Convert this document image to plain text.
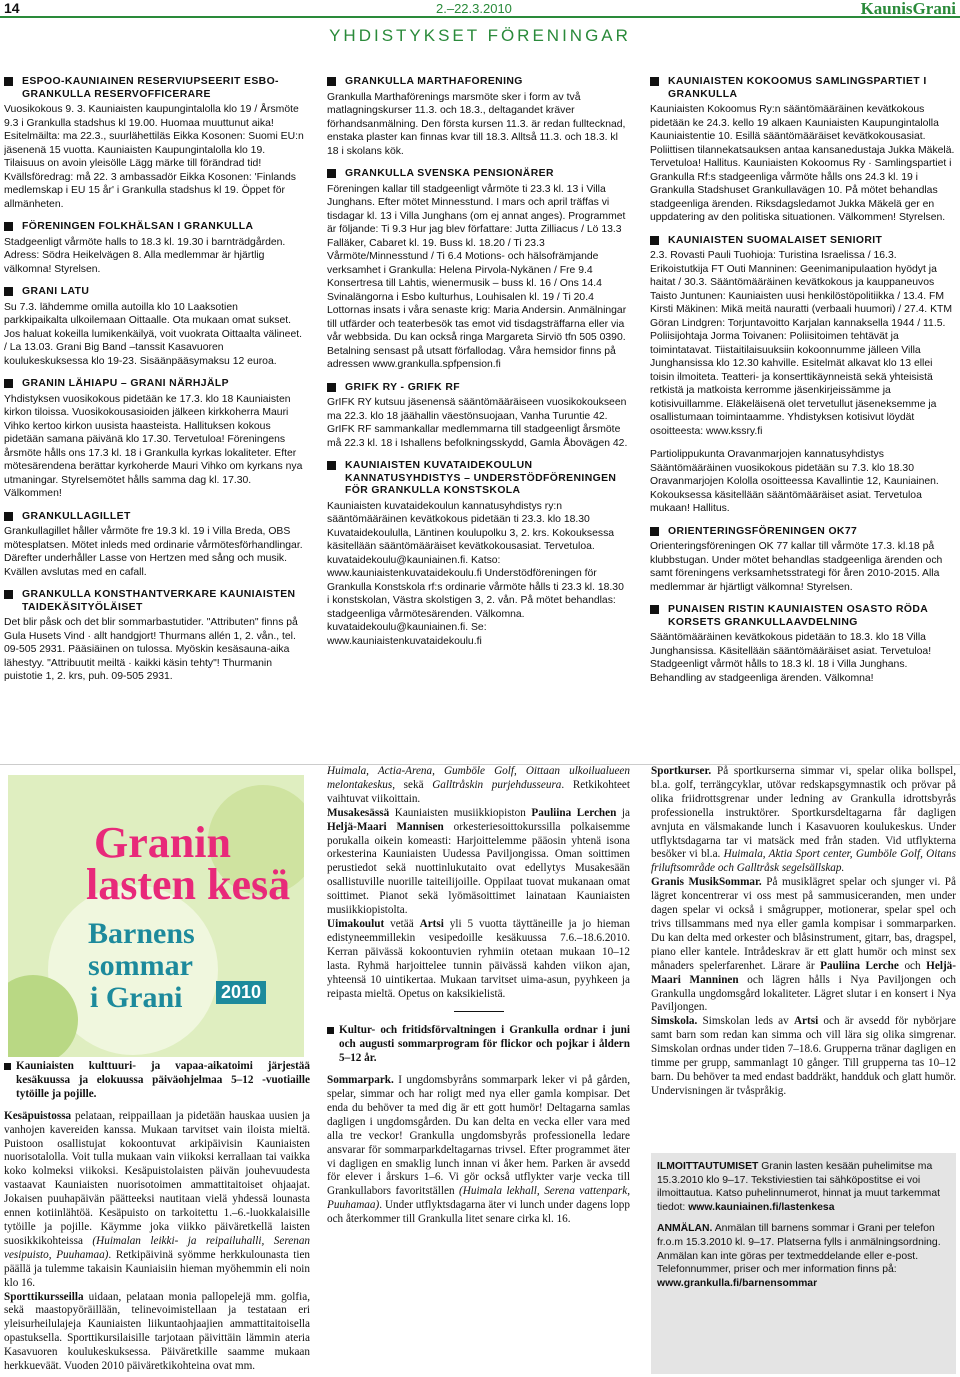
14	2.–22.3.2010	KaunisGrani
YHDISTYKSET FÖRENINGAR
ESPOO-KAUNIAINEN RESERVIUPSEERIT ESBO-GRANKULLA RESERVOFFICERARE

Vuosikokous 9. 3. Kauniaisten kaupungintalolla klo 19 / Årsmöte 9.3 i Grankulla stadshus kl 19.00. Huomaa muuttunut aika! Esitelmäilta: ma 22.3., suurlähettiläs Eikka Kosonen: Suomi EU:n jäsenenä 15 vuotta. Kauniaisten Kaupungintalolla klo 19. Tilaisuus on avoin yleisölle Lägg märke till förändrad tid! Kvällsföredrag: må 22. 3 ambassadör Eikka Kosonen: 'Finlands medlemskap i EU 15 år' i Grankulla stadshus kl 19. Öppet för allmänheten.

FÖRENINGEN FOLKHÄLSAN I GRANKULLA

Stadgeenligt vårmöte halls to 18.3 kl. 19.30 i barnträdgården. Adress: Södra Heikelvägen 8. Alla medlemmar är hjärtlig välkomna! Styrelsen.

GRANI LATU

Su 7.3. lähdemme omilla autoilla klo 10 Laaksotien parkkipaikalta ulkoilemaan Oittaalle. Ota mukaan omat sukset. Jos haluat kokeilla lumikenkäilyä, voit vuokrata Oittaalta välineet. / La 13.03. Grani Big Band –tanssit Kasavuoren koulukeskuksessa klo 19-23. Sisäänpääsymaksu 12 euroa.

GRANIN LÄHIAPU – GRANI NÄRHJÄLP

Yhdistyksen vuosikokous pidetään ke 17.3. klo 18 Kauniaisten kirkon tiloissa. Vuosikokousasioiden jälkeen kirkkoherra Mauri Vihko kertoo kirkon uusista haasteista. Hallituksen kokous pidetään samana päivänä klo 17.30. Tervetuloa! Föreningens årsmöte hålls ons 17.3 kl. 18 i Grankulla kyrkas lokaliteter. Efter mötesärendena berättar kyrkoherde Mauri Vihko om kyrkans nya utmaningar. Styrelsemötet hålls samma dag kl. 17.30. Välkommen!

GRANKULLAGILLET

Grankullagillet håller vårmöte fre 19.3 kl. 19 i Villa Breda, OBS mötesplatsen. Mötet inleds med ordinarie vårmötesförhandlingar. Därefter underhåller Lasse von Hertzen med sång och musik. Kvällen avslutas med en cafall.

GRANKULLA KONSTHANTVERKARE KAUNIAISTEN TAIDEKÄSITYÖLÄISET

Det blir påsk och det blir sommarbastutider. "Attributen" finns på Gula Husets Vind · allt handgjort! Thurmans allén 1, 2. vån., tel. 09-505 2931. Pääsiäinen on tulossa. Myöskin kesäsauna-aika lähestyy. "Attribuutit meiltä · kaikki käsin tehty"! Thurmanin puistotie 1, 2. krs, puh. 09-505 2931.

GRANKULLA MARTHAFÖRENING

Grankulla Marthaförenings marsmöte sker i form av två matlagningskurser 11.3. och 18.3., deltagandet kräver förhandsanmälning. Den första kursen 11.3. är redan fulltecknad, enstaka plaster kan finnas kvar till 18.3. Alltså 11.3. och 18.3. kl 18 i skolans kök.

GRANKULLA SVENSKA PENSIONÄRER

Föreningen kallar till stadgeenligt vårmöte ti 23.3 kl. 13 i Villa Junghans. Efter mötet Minnesstund. I mars och april träffas vi tisdagar kl. 13 i Villa Junghans (om ej annat anges). Programmet är följande: Ti 9.3 Hur jag blev författare: Jutta Zilliacus / Lö 13.3 Falläker, Cabaret kl. 19. Buss kl. 18.20 / Ti 23.3 Vårmöte/Minnesstund / Ti 6.4 Motions- och hälsofrämjande verksamhet i Grankulla: Helena Pirvola-Nykänen / Fre 9.4 Konsertresa till Lahtis, wienermusik – buss kl. 16 / Ons 14.4 Svinalängorna i Esbo kulturhus, Louhisalen kl. 19 / Ti 20.4 Lottornas insats i våra senaste krig: Maria Andersin. Anmälningar till utfärder och teaterbesök tas emot vid tisdagsträffarna eller via vår webbsida. Du kan också ringa Margareta Sirviö tfn 505 0390. Betalning sensast på utsatt förfallodag. Våra hemsidor finns på adressen www.grankulla.spfpension.fi

GRIFK RY - GRIFK RF

GrIFK RY kutsuu jäsenensä sääntömääräiseen vuosikokoukseen ma 22.3. klo 18 jäähallin väestönsuojaan, Vanha Turuntie 42. GrIFK RF sammankallar medlemmarna till stadgeenligt årsmöte må 22.3 kl. 18 i Ishallens befolkningsskydd, Gamla Åbovägen 42.

KAUNIAISTEN KUVATAIDEKOULUN KANNATUSYHDISTYS – UNDERSTÖDFÖRENINGEN FÖR GRANKULLA KONSTSKOLA

Kauniaisten kuvataidekoulun kannatusyhdistys ry:n sääntömääräinen kevätkokous pidetään ti 23.3. klo 18.30 Kuvataidekoululla, Läntinen koulupolku 3, 2. krs. Kokouksessa käsitellään sääntömääräiset kevätkokousasiat. Tervetuloa. kuvataidekoulu@kauniainen.fi. Katso: www.kauniaistenkuvataidekoulu.fi Understödföreningen för Grankulla Konstskola rf:s ordinarie vårmöte hålls ti 23.3 kl. 18.30 i konstskolan, Västra skolstigen 3, 2. vån. På mötet behandlas: stadgeenliga vårmötesärenden. Välkomna. kuvataidekoulu@kauniainen.fi. Se: www.kauniaistenkuvataidekoulu.fi

KAUNIAISTEN KOKOOMUS SAMLINGSPARTIET I GRANKULLA

Kauniaisten Kokoomus Ry:n sääntömääräinen kevätkokous pidetään ke 24.3. kello 19 alkaen Kauniaisten Kaupungintalolla Kauniaistentie 10. Esillä sääntömääräiset kevätkokousasiat. Poliittisen tilannekatsauksen antaa kansanedustaja Jukka Mäkelä. Tervetuloa! Hallitus. Kauniaisten Kokoomus Ry · Samlingspartiet i Grankulla Rf:s stadgeenliga vårmöte hålls ons 24.3 kl. 19 i Grankulla Stadshuset Grankullavägen 10. På mötet behandlas stadgeenliga ärenden. Riksdagsledamot Jukka Mäkelä ger en uppdatering av den politiska situationen. Välkommen! Styrelsen.

KAUNIAISTEN SUOMALAISET SENIORIT

2.3. Rovasti Pauli Tuohioja: Turistina Israelissa / 16.3. Erikoistutkija FT Outi Manninen: Geenimanipulaation hyödyt ja haitat / 30.3. Sääntömääräinen kevätkokous ja kauppaneuvos Taisto Juntunen: Kauniaisten uusi henkilöstöpolitiikka / 13.4. FM Kirsti Mäkinen: Mikä meitä nauratti (verbaali huumori) / 27.4. KTM Göran Lindgren: Torjuntavoitto Karjalan kannaksella 1944 / 11.5. Poliisijohtaja Jorma Toivanen: Poliisitoimen tehtävät ja toimintatavat. Tiistaitilaisuuksiin kokoonnumme jälleen Villa Junghansissa klo 12.30 kahville. Esitelmät alkavat klo 13 ellei toisin ilmoiteta. Teatteri- ja konserttikäynneistä sekä yhteisistä retkistä ja matkoista kerromme jäsenkirjeissämme ja kotisivuillamme. Eläkeläisenä olet tervetullut jäseneksemme ja osallistumaan toimintaamme. Yhdistyksen kotisivut löydät osoitteesta: www.kssry.fi

Partiolippukunta Oravanmarjojen kannatusyhdistys Sääntömääräinen vuosikokous pidetään su 7.3. klo 18.30 Oravanmarjojen Kololla osoitteessa Kavallintie 12, Kauniainen. Kokouksessa käsitellään sääntömääräiset asiat. Tervetuloa mukaan! Hallitus.

ORIENTERINGSFÖRENINGEN OK77

Orienteringsföreningen OK 77 kallar till vårmöte 17.3. kl.18 på klubbstugan. Under mötet behandlas stadgeenliga ärenden och samt föreningens verksamhetsstrategi för åren 2010-2015. Alla medlemmar är hjärtligt välkomna! Styrelsen.

PUNAISEN RISTIN KAUNIAISTEN OSASTO RÖDA KORSETS GRANKULLAAVDELNING

Sääntömääräinen kevätkokous pidetään to 18.3. klo 18 Villa Junghansissa. Käsitellään sääntömääräiset asiat. Tervetuloa! Stadgeenligt vårmöt hålls to 18.3 kl. 18 i Villa Junghans. Behandling av stadgeenliga ärenden. Välkomna!

Granin
lasten kesä
Barnens
sommar
i Grani 2010

Kauniaisten kulttuuri- ja vapaa-aikatoimi järjestää kesäkuussa ja elokuussa päiväohjelmaa 5–12 -vuotiaille tytöille ja pojille.

Kesäpuistossa pelataan, reippaillaan ja pidetään hauskaa uusien ja vanhojen kavereiden kanssa. Mukaan tarvitset vain iloista mieltä. Puistoon osallistujat kokoontuvat arkipäivisin Kauniaisten nuorisotalolla. Voit tulla mukaan vain viikoksi kerrallaan tai vaikka koko kolmeksi viikoksi. Kesäpuistolaisten päivän jouhevuudesta vastaavat Kauniaisten nuorisotoimen ammattitaitoiset ohjaajat. Jokaisen puuhapäivän päätteeksi nautitaan vielä yhdessä lounasta ennen kotiinlähtöä. Kesäpuisto on tarkoitettu 1.–6.-luokkalaisille tytöille ja pojille. Käymme joka viikko päiväretkellä laisten suosikkikohteissa (Huimalan leikki- ja reipailuhalli, Serenan vesipuisto, Puuhamaa). Retkipäivinä syömme herkkulounasta tien päällä ja tulemme takaisin Kauniaisiin hieman myöhemmin eli noin klo 16.

Sporttikursseilla uidaan, pelataan monia pallopelejä mm. golfia, sekä maastopyöräillään, telinevoimistellaan ja testataan eri yleisurheilulajeja Kauniaisten liikuntaohjaajien ammattitaitoisella opastuksella. Sporttikursilaisille tarjotaan päivittäin lämmin ateria Kasavuoren koulukeskuksessa. Päiväretkille saamme mukaan herkkueväät. Vuoden 2010 päiväretkikohteina ovat mm.

Huimala, Actia-Arena, Gumböle Golf, Oittaan ulkoilualueen melontakeskus, sekä Galltråskin purjehdusseura. Retkikohteet vaihtuvat viikoittain.

Musakesässä Kauniaisten musiikkiopiston Pauliina Lerchen ja Heljä-Maari Mannisen orkesteriesoittokurssilla polkaisemme porukalla oikein komeasti: Harjoittelemme pääosin yhtenä isona orkesterina Kauniaisten Uudessa Paviljongissa. Oman soittimen perustiedot sekä nuottinlukutaito ovat edellytys Musakesään osallistuville nuorille taiteilijoille. Oppilaat tuovat mukanaan omat soittimet. Pianot sekä lyömäsoittimet lainataan Kauniaisten musiikkiopistolta.

Uimakoulut vetää Artsi yli 5 vuotta täyttäneille ja jo hieman edistyneemmillekin vesipedoille kesäkuussa 7.6.–18.6.2010. Kerran päivässä kokoontuvien ryhmiin otetaan mukaan 10–12 lasta. Ryhmä harjoittelee tunnin päivässä kahden viikon ajan, yhteensä 10 uintikertaa. Mukaan tarvitset uima-asun, pyyhkeen ja reipasta mieltä. Opetus on kaksikielistä.

Kultur- och fritidsförvaltningen i Grankulla ordnar i juni och augusti sommarprogram för flickor och pojkar i åldern 5–12 år.

Sommarpark. I ungdomsbyråns sommarpark leker vi på gården, spelar, simmar och har roligt med nya eller gamla kompisar. Det enda du behöver ta med dig är ett gott humör! Deltagarna samlas dagligen i ungdomsgården. Du kan delta en vecka eller vara med alla tre veckor! Grankulla ungdomsbyrås professionella ledare ansvarar för sommarparkdeltagarnas trivsel. Efter programmet äter vi dagligen en smaklig lunch innan vi åker hem. Parken är avsedd för elever i årskurs 1–6. Vi gör också utflykter varje vecka till Grankullabors favoritställen (Huimala lekhall, Serena vattenpark, Puuhamaa). Under utflyktsdagarna äter vi lunch under dagens lopp och återkommer till Grankulla litet senare cirka kl. 16.

Sportkurser. På sportkurserna simmar vi, spelar olika bollspel, bl.a. golf, terrängcyklar, utövar redskapsgymnastik och prövar på olika friidrottsgrenar under ledning av Grankulla idrottsbyrås professionella instruktörer. Sportkursdeltagarna får dagligen avnjuta en välsmakande lunch i Kasavuoren koulukeskus. Under utflyktsdagarna tar vi matsäck med från staden. Vid utflykterna besöker vi bl.a. Huimala, Aktia Sport center, Gumböle Golf, Oitans friluftsområde och Galltråsk segelsällskap.

Granis MusikSommar. På musiklägret spelar och sjunger vi. På lägret koncentrerar vi oss mest på sammusiceranden, men under dagen spelar vi också i smågrupper, motionerar, spelar spel och trivs tillsammans med nya eller gamla kompisar i sommarparken. Du kan delta med orkester och blåsinstrument, gitarr, bas, dragspel, piano eller kantele. Intrådeskrav är ett glatt humör och minst sex månaders spelerfarenhet. Lärare är Pauliina Lerche och Heljä-Maari Manninen och lägren hålls i Nya Paviljongen och Grankulla ungdomsgård lokaliteter. Lägret slutar i en konsert i Nya Paviljongen.

Simskola. Simskolan leds av Artsi och är avsedd för nybörjare samt barn som redan kan simma och vill lära sig olika simgrenar. Simskolan ordnas under tiden 7–18.6. Grupperna tränar dagligen en timme per grupp, sammanlagt 10 gånger. Till grupperna tas 10–12 barn. Du behöver ta med endast baddräkt, handduk och glatt humör. Undervisningen är tvåspråkig.

ILMOITTAUTUMISET Granin lasten kesään puhelimitse ma 15.3.2010 klo 9–17. Tekstiviestien tai sähköpostitse ei voi ilmoittautua. Katso puhelinnumerot, hinnat ja muut tarkemmat tiedot: www.kauniainen.fi/lastenkesa

ANMÄLAN. Anmälan till barnens sommar i Grani per telefon fr.o.m 15.3.2010 kl. 9–17. Platserna fylls i anmälningsordning. Anmälan kan inte göras per textmeddelande eller e-post. Telefonnummer, priser och mer information finns på: www.grankulla.fi/barnensommar
